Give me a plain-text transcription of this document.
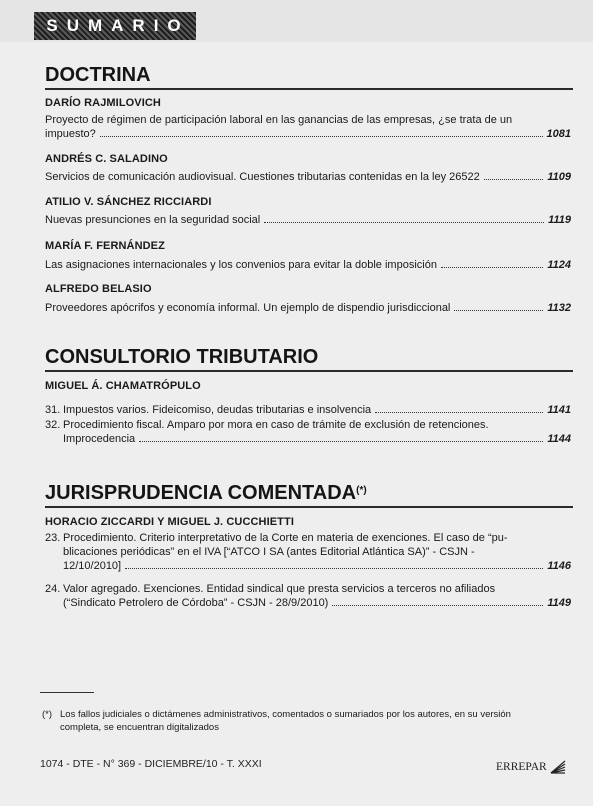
SUMARIO
DOCTRINA
DARÍO RAJMILOVICH
Proyecto de régimen de participación laboral en las ganancias de las empresas, ¿se trata de un
impuesto?	1081
ANDRÉS C. SALADINO
Servicios de comunicación audiovisual. Cuestiones tributarias contenidas en la ley 26522	1109
ATILIO V. SÁNCHEZ RICCIARDI
Nuevas presunciones en la seguridad social	1119
MARÍA F. FERNÁNDEZ
Las asignaciones internacionales y los convenios para evitar la doble imposición	1124
ALFREDO BELASIO
Proveedores apócrifos y economía informal. Un ejemplo de dispendio jurisdiccional	1132
CONSULTORIO TRIBUTARIO
MIGUEL Á. CHAMATRÓPULO
31. Impuestos varios. Fideicomiso, deudas tributarias e insolvencia	1141
32. Procedimiento fiscal. Amparo por mora en caso de trámite de exclusión de retenciones.
Improcedencia	1144
JURISPRUDENCIA COMENTADA(*)
HORACIO ZICCARDI Y MIGUEL J. CUCCHIETTI
23. Procedimiento. Criterio interpretativo de la Corte en materia de exenciones. El caso de “pu-
blicaciones periódicas” en el IVA [“ATCO I SA (antes Editorial Atlántica SA)” - CSJN -
12/10/2010]	1146
24. Valor agregado. Exenciones. Entidad sindical que presta servicios a terceros no afiliados
(“Sindicato Petrolero de Córdoba” - CSJN - 28/9/2010)	1149
(*) Los fallos judiciales o dictámenes administrativos, comentados o sumariados por los autores, en su versión
completa, se encuentran digitalizados
1074 - DTE - N° 369 - DICIEMBRE/10 - T. XXXI	ERREPAR
